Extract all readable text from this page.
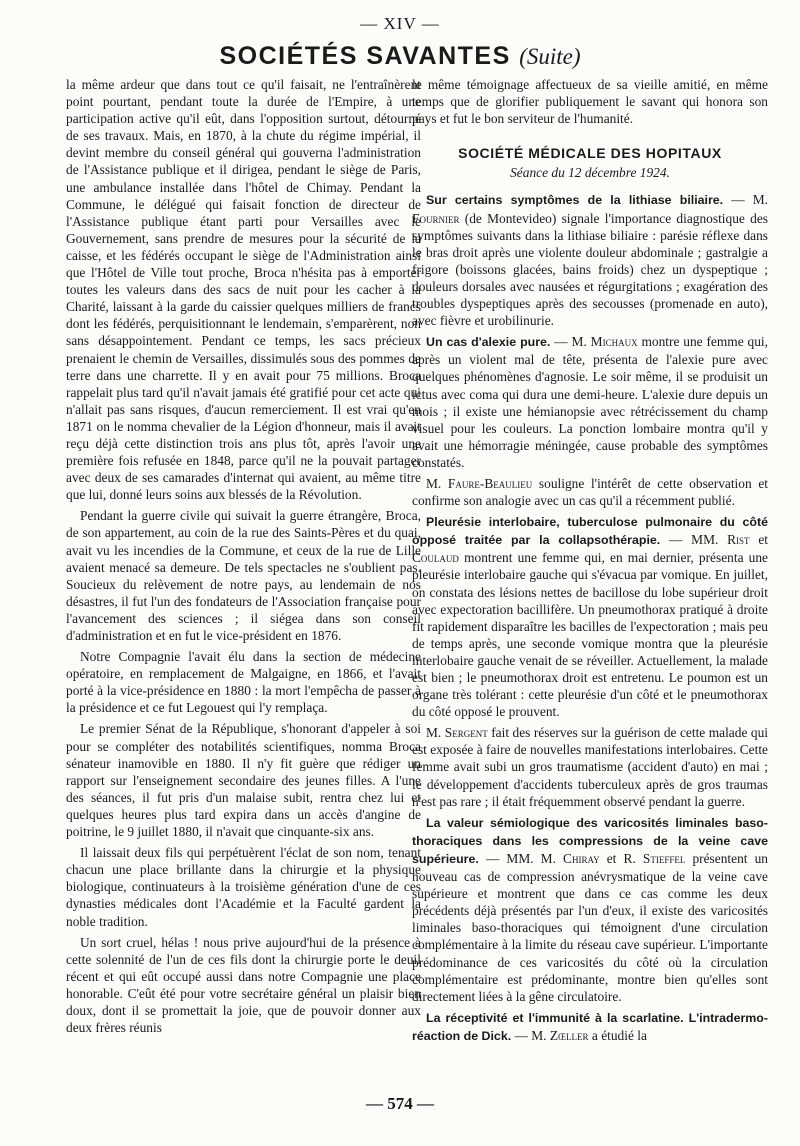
— XIV —
SOCIÉTÉS SAVANTES (Suite)

la même ardeur que dans tout ce qu'il faisait, ne l'entraînèrent point pourtant, pendant toute la durée de l'Empire, à une participation active qu'il eût, dans l'opposition surtout, détourné de ses travaux. Mais, en 1870, à la chute du régime impérial, il devint membre du conseil général qui gouverna l'administration de l'Assistance publique et il dirigea, pendant le siège de Paris, une ambulance installée dans l'hôtel de Chimay. Pendant la Commune, le délégué qui faisait fonction de directeur de l'Assistance publique étant parti pour Versailles avec le Gouvernement, sans prendre de mesures pour la sécurité de la caisse, et les fédérés occupant le siège de l'Administration ainsi que l'Hôtel de Ville tout proche, Broca n'hésita pas à emporter toutes les valeurs dans des sacs de nuit pour les cacher à la Charité, laissant à la garde du caissier quelques milliers de francs dont les fédérés, perquisitionnant le lendemain, s'emparèrent, non sans désappointement. Pendant ce temps, les sacs précieux prenaient le chemin de Versailles, dissimulés sous des pommes de terre dans une charrette. Il y en avait pour 75 millions. Broca rappelait plus tard qu'il n'avait jamais été gratifié pour cet acte qui n'allait pas sans risques, d'aucun remerciement. Il est vrai qu'en 1871 on le nomma chevalier de la Légion d'honneur, mais il avait reçu déjà cette distinction trois ans plus tôt, après l'avoir une première fois refusée en 1848, parce qu'il ne la pouvait partager avec deux de ses camarades d'internat qui avaient, au même titre que lui, donné leurs soins aux blessés de la Révolution.

Pendant la guerre civile qui suivait la guerre étrangère, Broca, de son appartement, au coin de la rue des Saints-Pères et du quai, avait vu les incendies de la Commune, et ceux de la rue de Lille avaient menacé sa demeure. De tels spectacles ne s'oublient pas. Soucieux du relèvement de notre pays, au lendemain de nos désastres, il fut l'un des fondateurs de l'Association française pour l'avancement des sciences ; il siégea dans son conseil d'administration et en fut le vice-président en 1876.

Notre Compagnie l'avait élu dans la section de médecine opératoire, en remplacement de Malgaigne, en 1866, et l'avait porté à la vice-présidence en 1880 : la mort l'empêcha de passer à la présidence et ce fut Legouest qui l'y remplaça.

Le premier Sénat de la République, s'honorant d'appeler à soi pour se compléter des notabilités scientifiques, nomma Broca sénateur inamovible en 1880. Il n'y fit guère que rédiger un rapport sur l'enseignement secondaire des jeunes filles. A l'une des séances, il fut pris d'un malaise subit, rentra chez lui et quelques heures plus tard expira dans un accès d'angine de poitrine, le 9 juillet 1880, il n'avait que cinquante-six ans.

Il laissait deux fils qui perpétuèrent l'éclat de son nom, tenant chacun une place brillante dans la chirurgie et la physique biologique, continuateurs à la troisième génération d'une de ces dynasties médicales dont l'Académie et la Faculté gardent la noble tradition.

Un sort cruel, hélas ! nous prive aujourd'hui de la présence à cette solennité de l'un de ces fils dont la chirurgie porte le deuil récent et qui eût occupé aussi dans notre Compagnie une place honorable. C'eût été pour votre secrétaire général un plaisir bien doux, dont il se promettait la joie, que de pouvoir donner aux deux frères réunis

le même témoignage affectueux de sa vieille amitié, en même temps que de glorifier publiquement le savant qui honora son pays et fut le bon serviteur de l'humanité.

SOCIÉTÉ MÉDICALE DES HOPITAUX
Séance du 12 décembre 1924.

Sur certains symptômes de la lithiase biliaire. — M. Fournier (de Montevideo) signale l'importance diagnostique des symptômes suivants dans la lithiase biliaire : parésie réflexe dans le bras droit après une violente douleur abdominale ; gastralgie a frigore (boissons glacées, bains froids) chez un dyspeptique ; douleurs dorsales avec nausées et régurgitations ; exagération des troubles dyspeptiques après des secousses (promenade en auto), avec fièvre et urobilinurie.

Un cas d'alexie pure. — M. Michaux montre une femme qui, après un violent mal de tête, présenta de l'alexie pure avec quelques phénomènes d'agnosie. Le soir même, il se produisit un ictus avec coma qui dura une demi-heure. L'alexie dure depuis un mois ; il existe une hémianopsie avec rétrécissement du champ visuel pour les couleurs. La ponction lombaire montra qu'il y avait une hémorragie méningée, cause probable des symptômes constatés.

M. Faure-Beaulieu souligne l'intérêt de cette observation et confirme son analogie avec un cas qu'il a récemment publié.

Pleurésie interlobaire, tuberculose pulmonaire du côté opposé traitée par la collapsothérapie. — MM. Rist et Coulaud montrent une femme qui, en mai dernier, présenta une pleurésie interlobaire gauche qui s'évacua par vomique. En juillet, on constata des lésions nettes de bacillose du lobe supérieur droit avec expectoration bacillifère. Un pneumothorax pratiqué à droite fit rapidement disparaître les bacilles de l'expectoration ; mais peu de temps après, une seconde vomique montra que la pleurésie interlobaire gauche venait de se réveiller. Actuellement, la malade est bien ; le pneumothorax droit est entretenu. Le poumon est un organe très tolérant : cette pleurésie d'un côté et le pneumothorax du côté opposé le prouvent.

M. Sergent fait des réserves sur la guérison de cette malade qui est exposée à faire de nouvelles manifestations interlobaires. Cette femme avait subi un gros traumatisme (accident d'auto) en mai ; le développement d'accidents tuberculeux après de gros traumas n'est pas rare ; il était fréquemment observé pendant la guerre.

La valeur sémiologique des varicosités liminales baso-thoraciques dans les compressions de la veine cave supérieure. — MM. M. Chiray et R. Stieffel présentent un nouveau cas de compression anévrysmatique de la veine cave supérieure et montrent que dans ce cas comme les deux précédents déjà présentés par l'un d'eux, il existe des varicosités liminales baso-thoraciques qui témoignent d'une circulation complémentaire à la limite du réseau cave supérieur. L'importante prédominance de ces varicosités du côté où la circulation complémentaire est prédominante, montre bien qu'elles sont directement liées à la gêne circulatoire.

La réceptivité et l'immunité à la scarlatine. L'intradermo-réaction de Dick. — M. Zœller a étudié la

— 574 —
